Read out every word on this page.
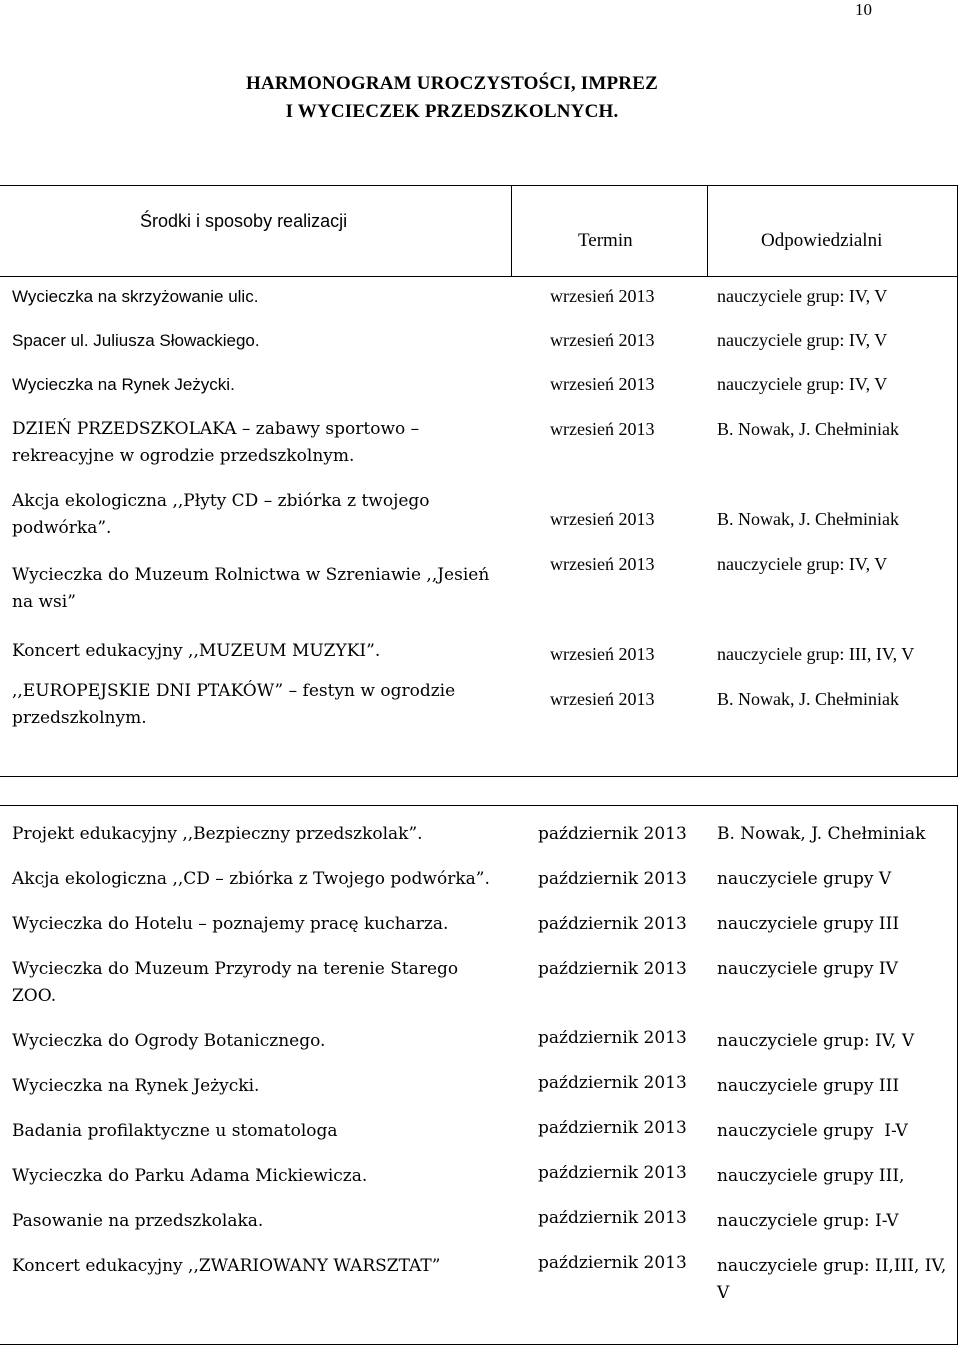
10
HARMONOGRAM UROCZYSTOŚCI, IMPREZ
I WYCIECZEK PRZEDSZKOLNYCH.
Środki i sposoby realizacji
Termin	Odpowiedzialni
Wycieczka na skrzyżowanie ulic.	wrzesień 2013	nauczyciele grup: IV, V
Spacer ul. Juliusza Słowackiego.	wrzesień 2013	nauczyciele grup: IV, V
Wycieczka na Rynek Jeżycki.	wrzesień 2013	nauczyciele grup: IV, V
DZIEŃ PRZEDSZKOLAKA – zabawy sportowo – rekreacyjne w ogrodzie przedszkolnym.
wrzesień 2013	B. Nowak, J. Chełminiak
Akcja ekologiczna ,,Płyty CD – zbiórka z twojego podwórka”.	wrzesień 2013	B. Nowak, J. Chełminiak
Wycieczka do Muzeum Rolnictwa w Szreniawie ,,Jesień na wsi”
wrzesień 2013	nauczyciele grup: IV, V
Koncert edukacyjny ,,MUZEUM MUZYKI”.	wrzesień 2013	nauczyciele grup: III, IV, V
,,EUROPEJSKIE DNI PTAKÓW” – festyn w ogrodzie przedszkolnym.
wrzesień 2013	B. Nowak, J. Chełminiak
Projekt edukacyjny ,,Bezpieczny przedszkolak”.	październik 2013 B. Nowak, J. Chełminiak
Akcja ekologiczna ,,CD – zbiórka z Twojego podwórka”.	październik 2013 nauczyciele grupy V
Wycieczka do Hotelu – poznajemy pracę kucharza.	październik 2013 nauczyciele grupy III
Wycieczka do Muzeum Przyrody na terenie Starego ZOO.
październik 2013 nauczyciele grupy IV
Wycieczka do Ogrody Botanicznego.	październik 2013 nauczyciele grup: IV, V
Wycieczka na Rynek Jeżycki.	październik 2013 nauczyciele grupy III
Badania profilaktyczne u stomatologa	październik 2013 nauczyciele grupy  I-V
Wycieczka do Parku Adama Mickiewicza.	październik 2013 nauczyciele grupy III,
Pasowanie na przedszkolaka.	październik 2013 nauczyciele grup: I-V
Koncert edukacyjny ,,ZWARIOWANY WARSZTAT”	październik 2013 nauczyciele grup: II,III, IV, V
